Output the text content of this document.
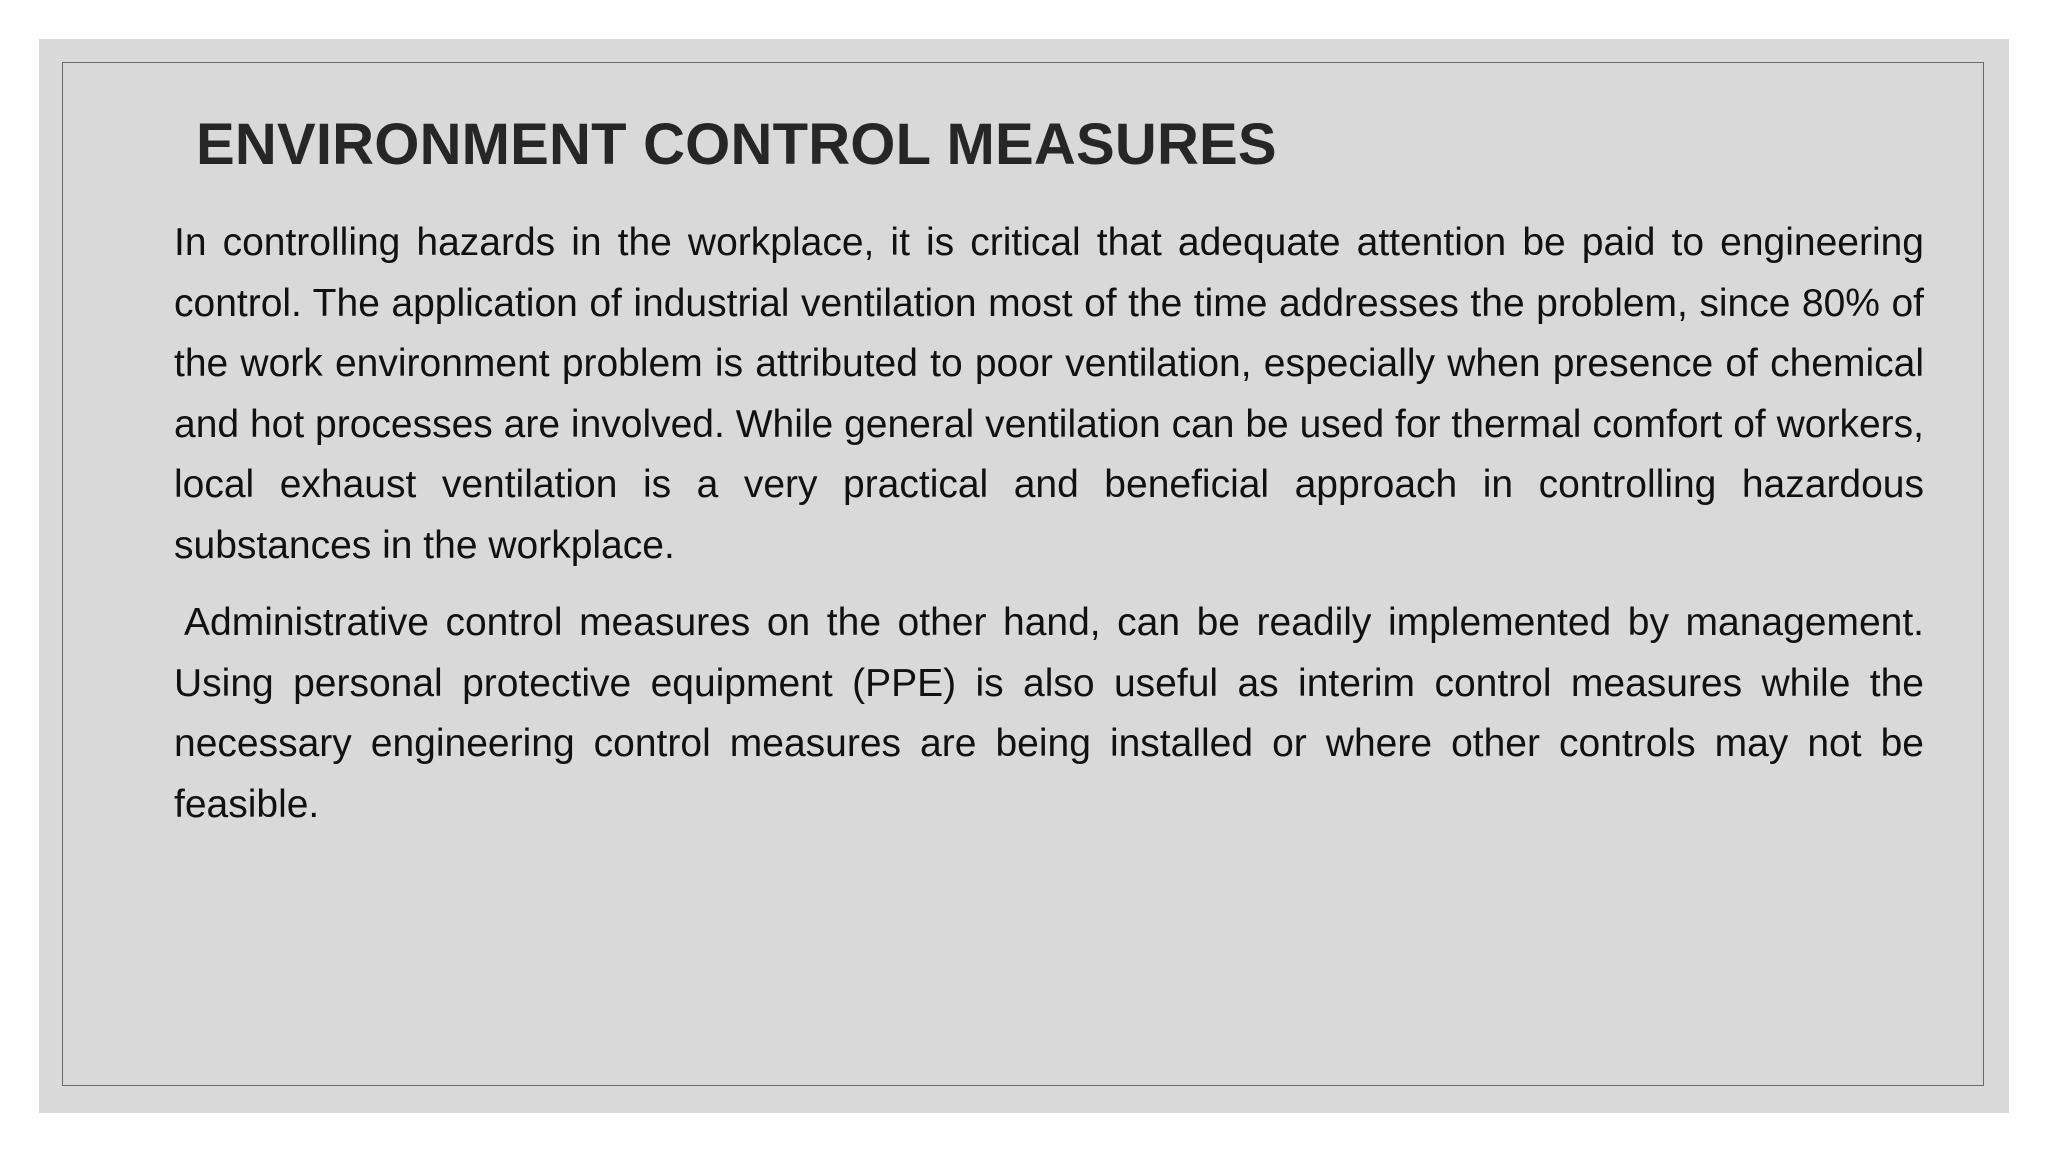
ENVIRONMENT CONTROL MEASURES

In controlling hazards in the workplace, it is critical that adequate attention be paid to engineering control. The application of industrial ventilation most of the time addresses the problem, since 80% of the work environment problem is attributed to poor ventilation, especially when presence of chemical and hot processes are involved. While general ventilation can be used for thermal comfort of workers, local exhaust ventilation is a very practical and beneficial approach in controlling hazardous substances in the workplace.

Administrative control measures on the other hand, can be readily implemented by management. Using personal protective equipment (PPE) is also useful as interim control measures while the necessary engineering control measures are being installed or where other controls may not be feasible.
